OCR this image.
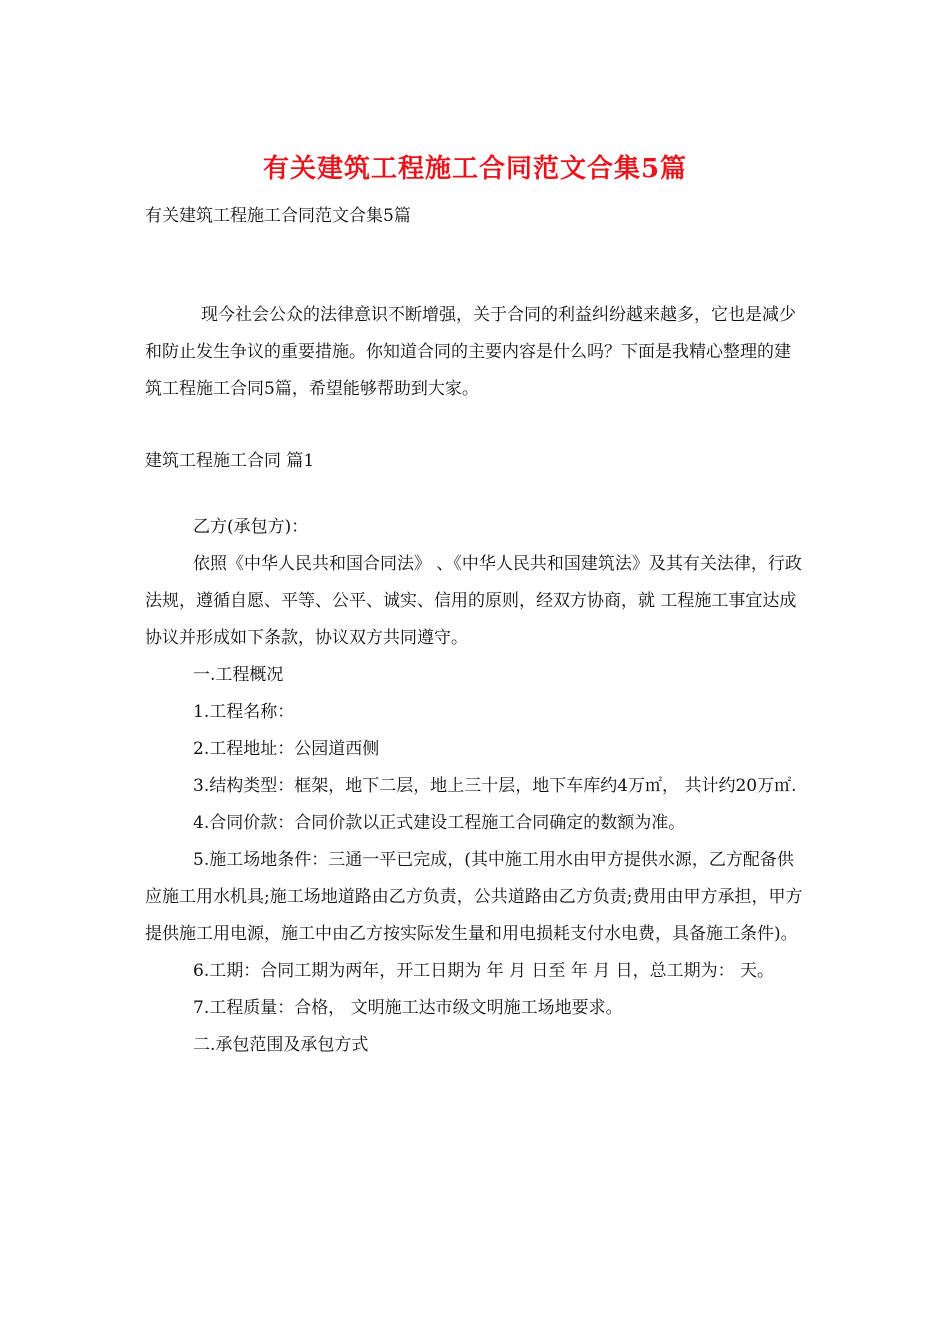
有关建筑工程施工合同范文合集5篇

有关建筑工程施工合同范文合集5篇

现今社会公众的法律意识不断增强，关于合同的利益纠纷越来越多，它也是减少和防止发生争议的重要措施。你知道合同的主要内容是什么吗？下面是我精心整理的建筑工程施工合同5篇，希望能够帮助到大家。

建筑工程施工合同 篇1

乙方(承包方)：

依照《中华人民共和国合同法》 、《中华人民共和国建筑法》及其有关法律，行政法规，遵循自愿、平等、公平、诚实、信用的原则，经双方协商，就 工程施工事宜达成协议并形成如下条款，协议双方共同遵守。

一.工程概况

1.工程名称：

2.工程地址：公园道西侧

3.结构类型：框架，地下二层，地上三十层，地下车库约4万㎡， 共计约20万㎡.

4.合同价款：合同价款以正式建设工程施工合同确定的数额为准。

5.施工场地条件：三通一平已完成，(其中施工用水由甲方提供水源，乙方配备供应施工用水机具;施工场地道路由乙方负责，公共道路由乙方负责;费用由甲方承担，甲方提供施工用电源，施工中由乙方按实际发生量和用电损耗支付水电费，具备施工条件)。

6.工期：合同工期为两年，开工日期为 年 月 日至 年 月 日，总工期为： 天。

7.工程质量：合格， 文明施工达市级文明施工场地要求。

二.承包范围及承包方式
